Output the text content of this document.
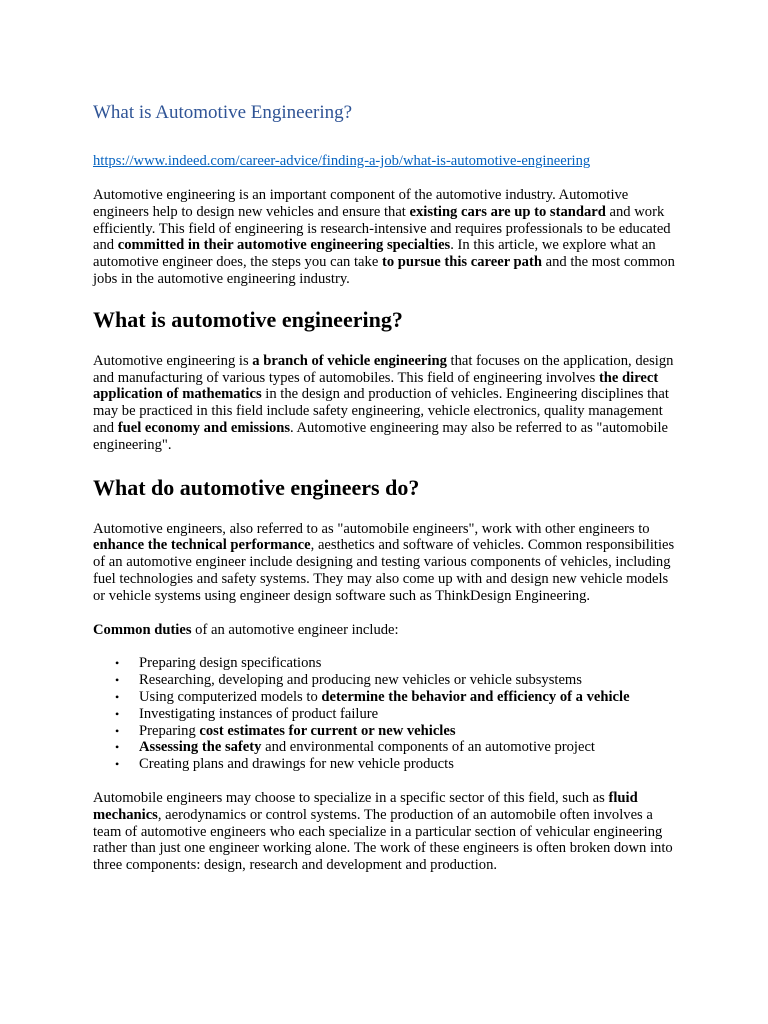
What is Automotive Engineering?
https://www.indeed.com/career-advice/finding-a-job/what-is-automotive-engineering

Automotive engineering is an important component of the automotive industry. Automotive engineers help to design new vehicles and ensure that existing cars are up to standard and work efficiently. This field of engineering is research-intensive and requires professionals to be educated and committed in their automotive engineering specialties. In this article, we explore what an automotive engineer does, the steps you can take to pursue this career path and the most common jobs in the automotive engineering industry.

What is automotive engineering?

Automotive engineering is a branch of vehicle engineering that focuses on the application, design and manufacturing of various types of automobiles. This field of engineering involves the direct application of mathematics in the design and production of vehicles. Engineering disciplines that may be practiced in this field include safety engineering, vehicle electronics, quality management and fuel economy and emissions. Automotive engineering may also be referred to as "automobile engineering".

What do automotive engineers do?

Automotive engineers, also referred to as "automobile engineers", work with other engineers to enhance the technical performance, aesthetics and software of vehicles. Common responsibilities of an automotive engineer include designing and testing various components of vehicles, including fuel technologies and safety systems. They may also come up with and design new vehicle models or vehicle systems using engineer design software such as ThinkDesign Engineering.

Common duties of an automotive engineer include:

• Preparing design specifications
• Researching, developing and producing new vehicles or vehicle subsystems
• Using computerized models to determine the behavior and efficiency of a vehicle
• Investigating instances of product failure
• Preparing cost estimates for current or new vehicles
• Assessing the safety and environmental components of an automotive project
• Creating plans and drawings for new vehicle products

Automobile engineers may choose to specialize in a specific sector of this field, such as fluid mechanics, aerodynamics or control systems. The production of an automobile often involves a team of automotive engineers who each specialize in a particular section of vehicular engineering rather than just one engineer working alone. The work of these engineers is often broken down into three components: design, research and development and production.
